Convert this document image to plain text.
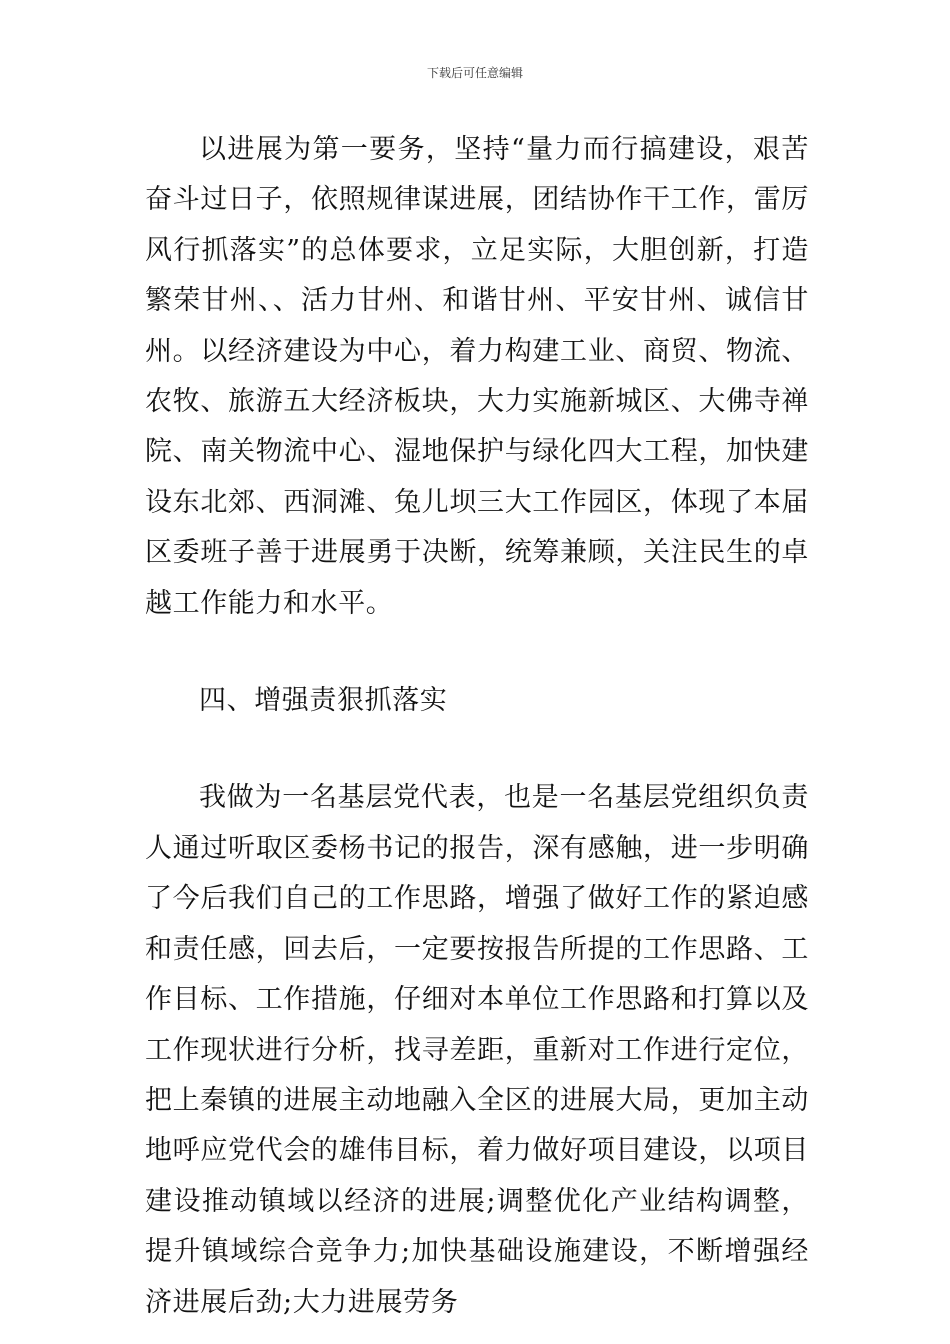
下载后可任意编辑

以进展为第一要务，坚持“量力而行搞建设，艰苦奋斗过日子，依照规律谋进展，团结协作干工作，雷厉风行抓落实”的总体要求，立足实际，大胆创新，打造繁荣甘州、、活力甘州、和谐甘州、平安甘州、诚信甘州。以经济建设为中心，着力构建工业、商贸、物流、农牧、旅游五大经济板块，大力实施新城区、大佛寺禅院、南关物流中心、湿地保护与绿化四大工程，加快建设东北郊、西洞滩、兔儿坝三大工作园区，体现了本届区委班子善于进展勇于决断，统筹兼顾，关注民生的卓越工作能力和水平。

四、增强责狠抓落实

我做为一名基层党代表，也是一名基层党组织负责人通过听取区委杨书记的报告，深有感触，进一步明确了今后我们自己的工作思路，增强了做好工作的紧迫感和责任感，回去后，一定要按报告所提的工作思路、工作目标、工作措施，仔细对本单位工作思路和打算以及工作现状进行分析，找寻差距，重新对工作进行定位，把上秦镇的进展主动地融入全区的进展大局，更加主动地呼应党代会的雄伟目标，着力做好项目建设，以项目建设推动镇域以经济的进展;调整优化产业结构调整，提升镇域综合竞争力;加快基础设施建设，不断增强经济进展后劲;大力进展劳务
